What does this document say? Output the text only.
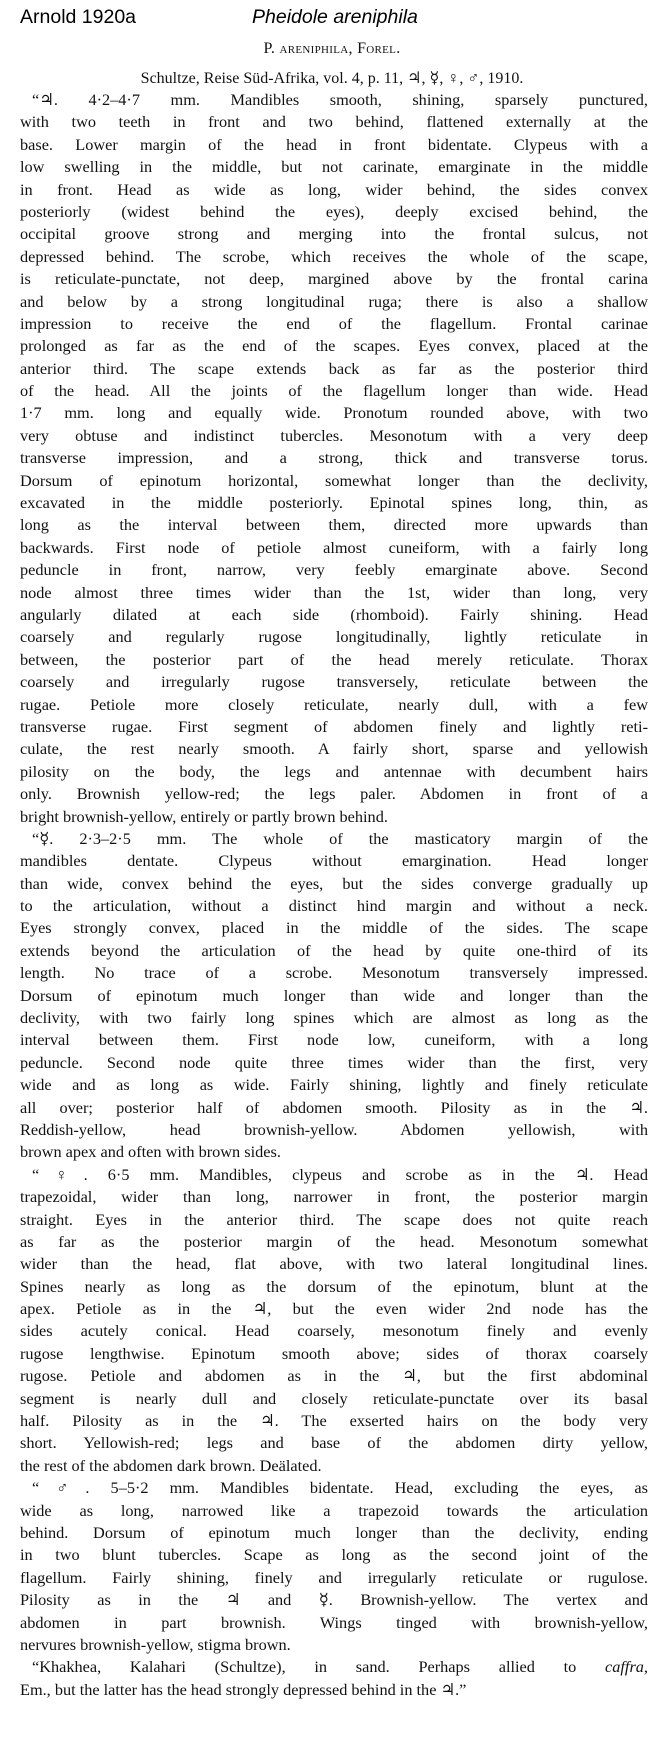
Arnold 1920a	Pheidole areniphila
P. areniphila, Forel.
Schultze, Reise Süd-Afrika, vol. 4, p. 11, ♃, ☿, ♀, ♂, 1910.
“♃. 4·2–4·7 mm. Mandibles smooth, shining, sparsely punctured,
with two teeth in front and two behind, flattened externally at the
base. Lower margin of the head in front bidentate. Clypeus with a
low swelling in the middle, but not carinate, emarginate in the middle
in front. Head as wide as long, wider behind, the sides convex
posteriorly (widest behind the eyes), deeply excised behind, the
occipital groove strong and merging into the frontal sulcus, not
depressed behind. The scrobe, which receives the whole of the scape,
is reticulate-punctate, not deep, margined above by the frontal carina
and below by a strong longitudinal ruga; there is also a shallow
impression to receive the end of the flagellum. Frontal carinae
prolonged as far as the end of the scapes. Eyes convex, placed at the
anterior third. The scape extends back as far as the posterior third
of the head. All the joints of the flagellum longer than wide. Head
1·7 mm. long and equally wide. Pronotum rounded above, with two
very obtuse and indistinct tubercles. Mesonotum with a very deep
transverse impression, and a strong, thick and transverse torus.
Dorsum of epinotum horizontal, somewhat longer than the declivity,
excavated in the middle posteriorly. Epinotal spines long, thin, as
long as the interval between them, directed more upwards than
backwards. First node of petiole almost cuneiform, with a fairly long
peduncle in front, narrow, very feebly emarginate above. Second
node almost three times wider than the 1st, wider than long, very
angularly dilated at each side (rhomboid). Fairly shining. Head
coarsely and regularly rugose longitudinally, lightly reticulate in
between, the posterior part of the head merely reticulate. Thorax
coarsely and irregularly rugose transversely, reticulate between the
rugae. Petiole more closely reticulate, nearly dull, with a few
transverse rugae. First segment of abdomen finely and lightly reti-
culate, the rest nearly smooth. A fairly short, sparse and yellowish
pilosity on the body, the legs and antennae with decumbent hairs
only. Brownish yellow-red; the legs paler. Abdomen in front of a
bright brownish-yellow, entirely or partly brown behind.
“☿. 2·3–2·5 mm. The whole of the masticatory margin of the
mandibles dentate. Clypeus without emargination. Head longer
than wide, convex behind the eyes, but the sides converge gradually up
to the articulation, without a distinct hind margin and without a neck.
Eyes strongly convex, placed in the middle of the sides. The scape
extends beyond the articulation of the head by quite one-third of its
length. No trace of a scrobe. Mesonotum transversely impressed.
Dorsum of epinotum much longer than wide and longer than the
declivity, with two fairly long spines which are almost as long as the
interval between them. First node low, cuneiform, with a long
peduncle. Second node quite three times wider than the first, very
wide and as long as wide. Fairly shining, lightly and finely reticulate
all over; posterior half of abdomen smooth. Pilosity as in the ♃.
Reddish-yellow, head brownish-yellow. Abdomen yellowish, with
brown apex and often with brown sides.
“♀. 6·5 mm. Mandibles, clypeus and scrobe as in the ♃. Head
trapezoidal, wider than long, narrower in front, the posterior margin
straight. Eyes in the anterior third. The scape does not quite reach
as far as the posterior margin of the head. Mesonotum somewhat
wider than the head, flat above, with two lateral longitudinal lines.
Spines nearly as long as the dorsum of the epinotum, blunt at the
apex. Petiole as in the ♃, but the even wider 2nd node has the
sides acutely conical. Head coarsely, mesonotum finely and evenly
rugose lengthwise. Epinotum smooth above; sides of thorax coarsely
rugose. Petiole and abdomen as in the ♃, but the first abdominal
segment is nearly dull and closely reticulate-punctate over its basal
half. Pilosity as in the ♃. The exserted hairs on the body very
short. Yellowish-red; legs and base of the abdomen dirty yellow,
the rest of the abdomen dark brown. Deälated.
“♂. 5–5·2 mm. Mandibles bidentate. Head, excluding the eyes, as
wide as long, narrowed like a trapezoid towards the articulation
behind. Dorsum of epinotum much longer than the declivity, ending
in two blunt tubercles. Scape as long as the second joint of the
flagellum. Fairly shining, finely and irregularly reticulate or rugulose.
Pilosity as in the ♃ and ☿. Brownish-yellow. The vertex and
abdomen in part brownish. Wings tinged with brownish-yellow,
nervures brownish-yellow, stigma brown.
“Khakhea, Kalahari (Schultze), in sand. Perhaps allied to caffra,
Em., but the latter has the head strongly depressed behind in the ♃.”
